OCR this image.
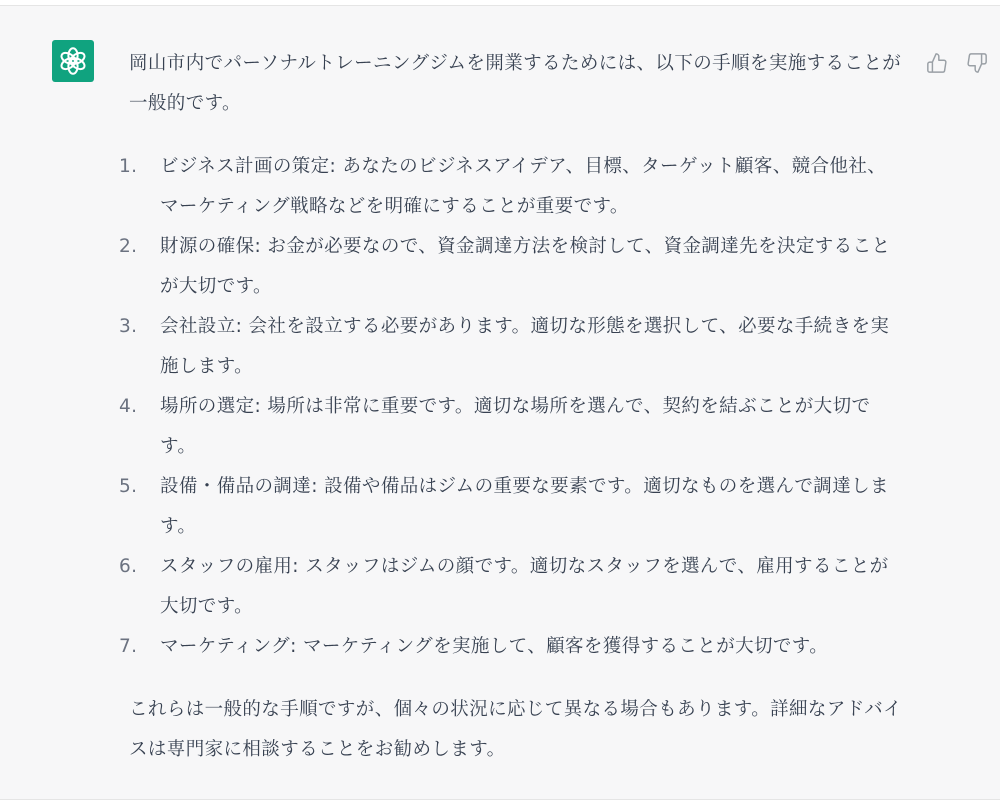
岡山市内でパーソナルトレーニングジムを開業するためには、以下の手順を実施することが一般的です。

1. ビジネス計画の策定: あなたのビジネスアイデア、目標、ターゲット顧客、競合他社、マーケティング戦略などを明確にすることが重要です。
2. 財源の確保: お金が必要なので、資金調達方法を検討して、資金調達先を決定することが大切です。
3. 会社設立: 会社を設立する必要があります。適切な形態を選択して、必要な手続きを実施します。
4. 場所の選定: 場所は非常に重要です。適切な場所を選んで、契約を結ぶことが大切です。
5. 設備・備品の調達: 設備や備品はジムの重要な要素です。適切なものを選んで調達します。
6. スタッフの雇用: スタッフはジムの顔です。適切なスタッフを選んで、雇用することが大切です。
7. マーケティング: マーケティングを実施して、顧客を獲得することが大切です。

これらは一般的な手順ですが、個々の状況に応じて異なる場合もあります。詳細なアドバイスは専門家に相談することをお勧めします。
